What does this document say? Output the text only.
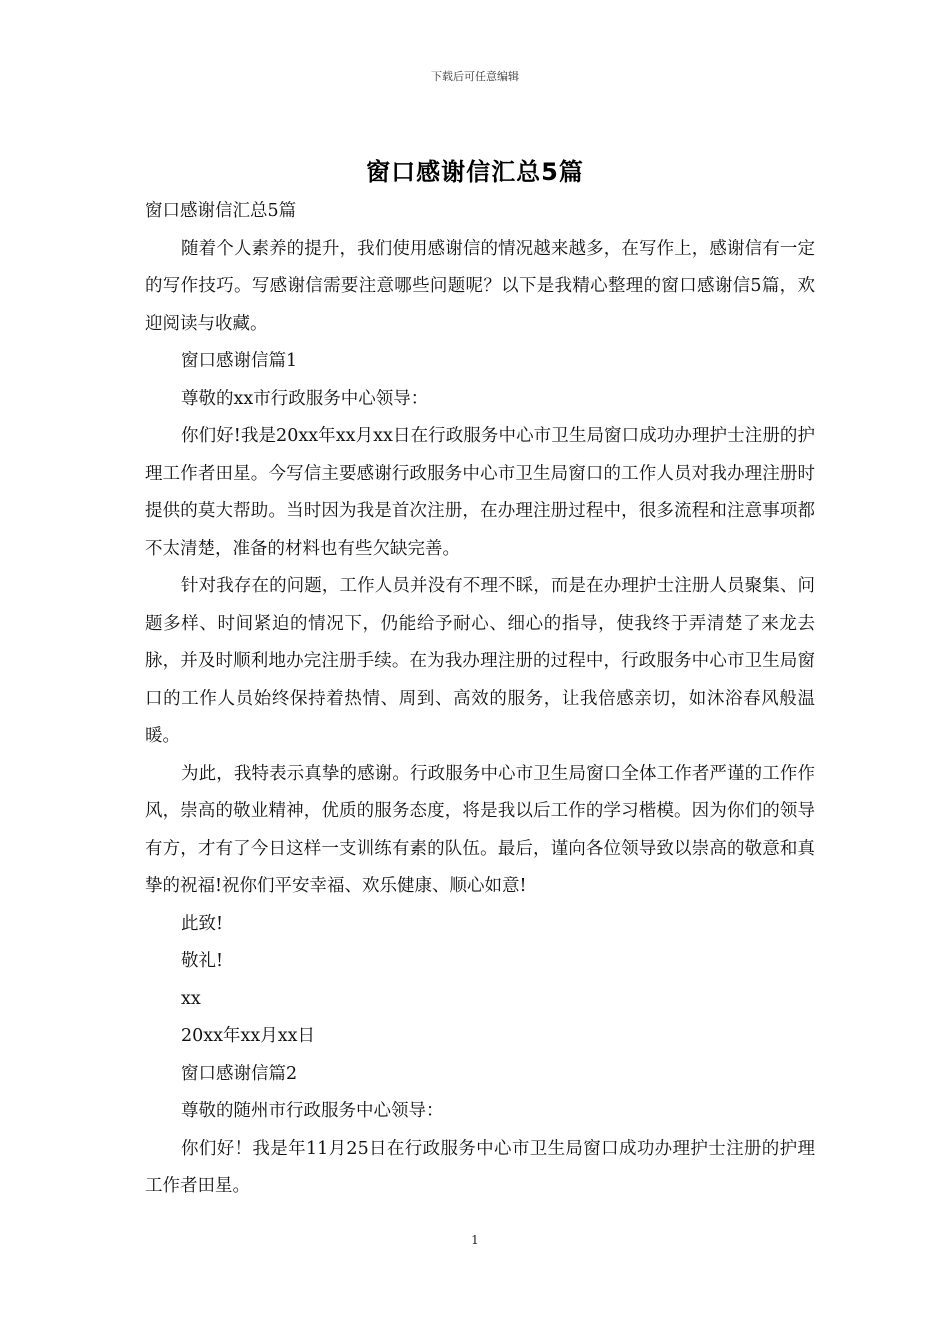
下载后可任意编辑
窗口感谢信汇总5篇

窗口感谢信汇总5篇

随着个人素养的提升，我们使用感谢信的情况越来越多，在写作上，感谢信有一定的写作技巧。写感谢信需要注意哪些问题呢？以下是我精心整理的窗口感谢信5篇，欢迎阅读与收藏。

窗口感谢信篇1

尊敬的xx市行政服务中心领导：

你们好!我是20xx年xx月xx日在行政服务中心市卫生局窗口成功办理护士注册的护理工作者田星。今写信主要感谢行政服务中心市卫生局窗口的工作人员对我办理注册时提供的莫大帮助。当时因为我是首次注册，在办理注册过程中，很多流程和注意事项都不太清楚，准备的材料也有些欠缺完善。

针对我存在的问题，工作人员并没有不理不睬，而是在办理护士注册人员聚集、问题多样、时间紧迫的情况下，仍能给予耐心、细心的指导，使我终于弄清楚了来龙去脉，并及时顺利地办完注册手续。在为我办理注册的过程中，行政服务中心市卫生局窗口的工作人员始终保持着热情、周到、高效的服务，让我倍感亲切，如沐浴春风般温暖。

为此，我特表示真挚的感谢。行政服务中心市卫生局窗口全体工作者严谨的工作作风，崇高的敬业精神，优质的服务态度，将是我以后工作的学习楷模。因为你们的领导有方，才有了今日这样一支训练有素的队伍。最后，谨向各位领导致以崇高的敬意和真挚的祝福!祝你们平安幸福、欢乐健康、顺心如意!

此致!

敬礼!

xx

20xx年xx月xx日

窗口感谢信篇2

尊敬的随州市行政服务中心领导：

你们好！我是年11月25日在行政服务中心市卫生局窗口成功办理护士注册的护理工作者田星。

1
